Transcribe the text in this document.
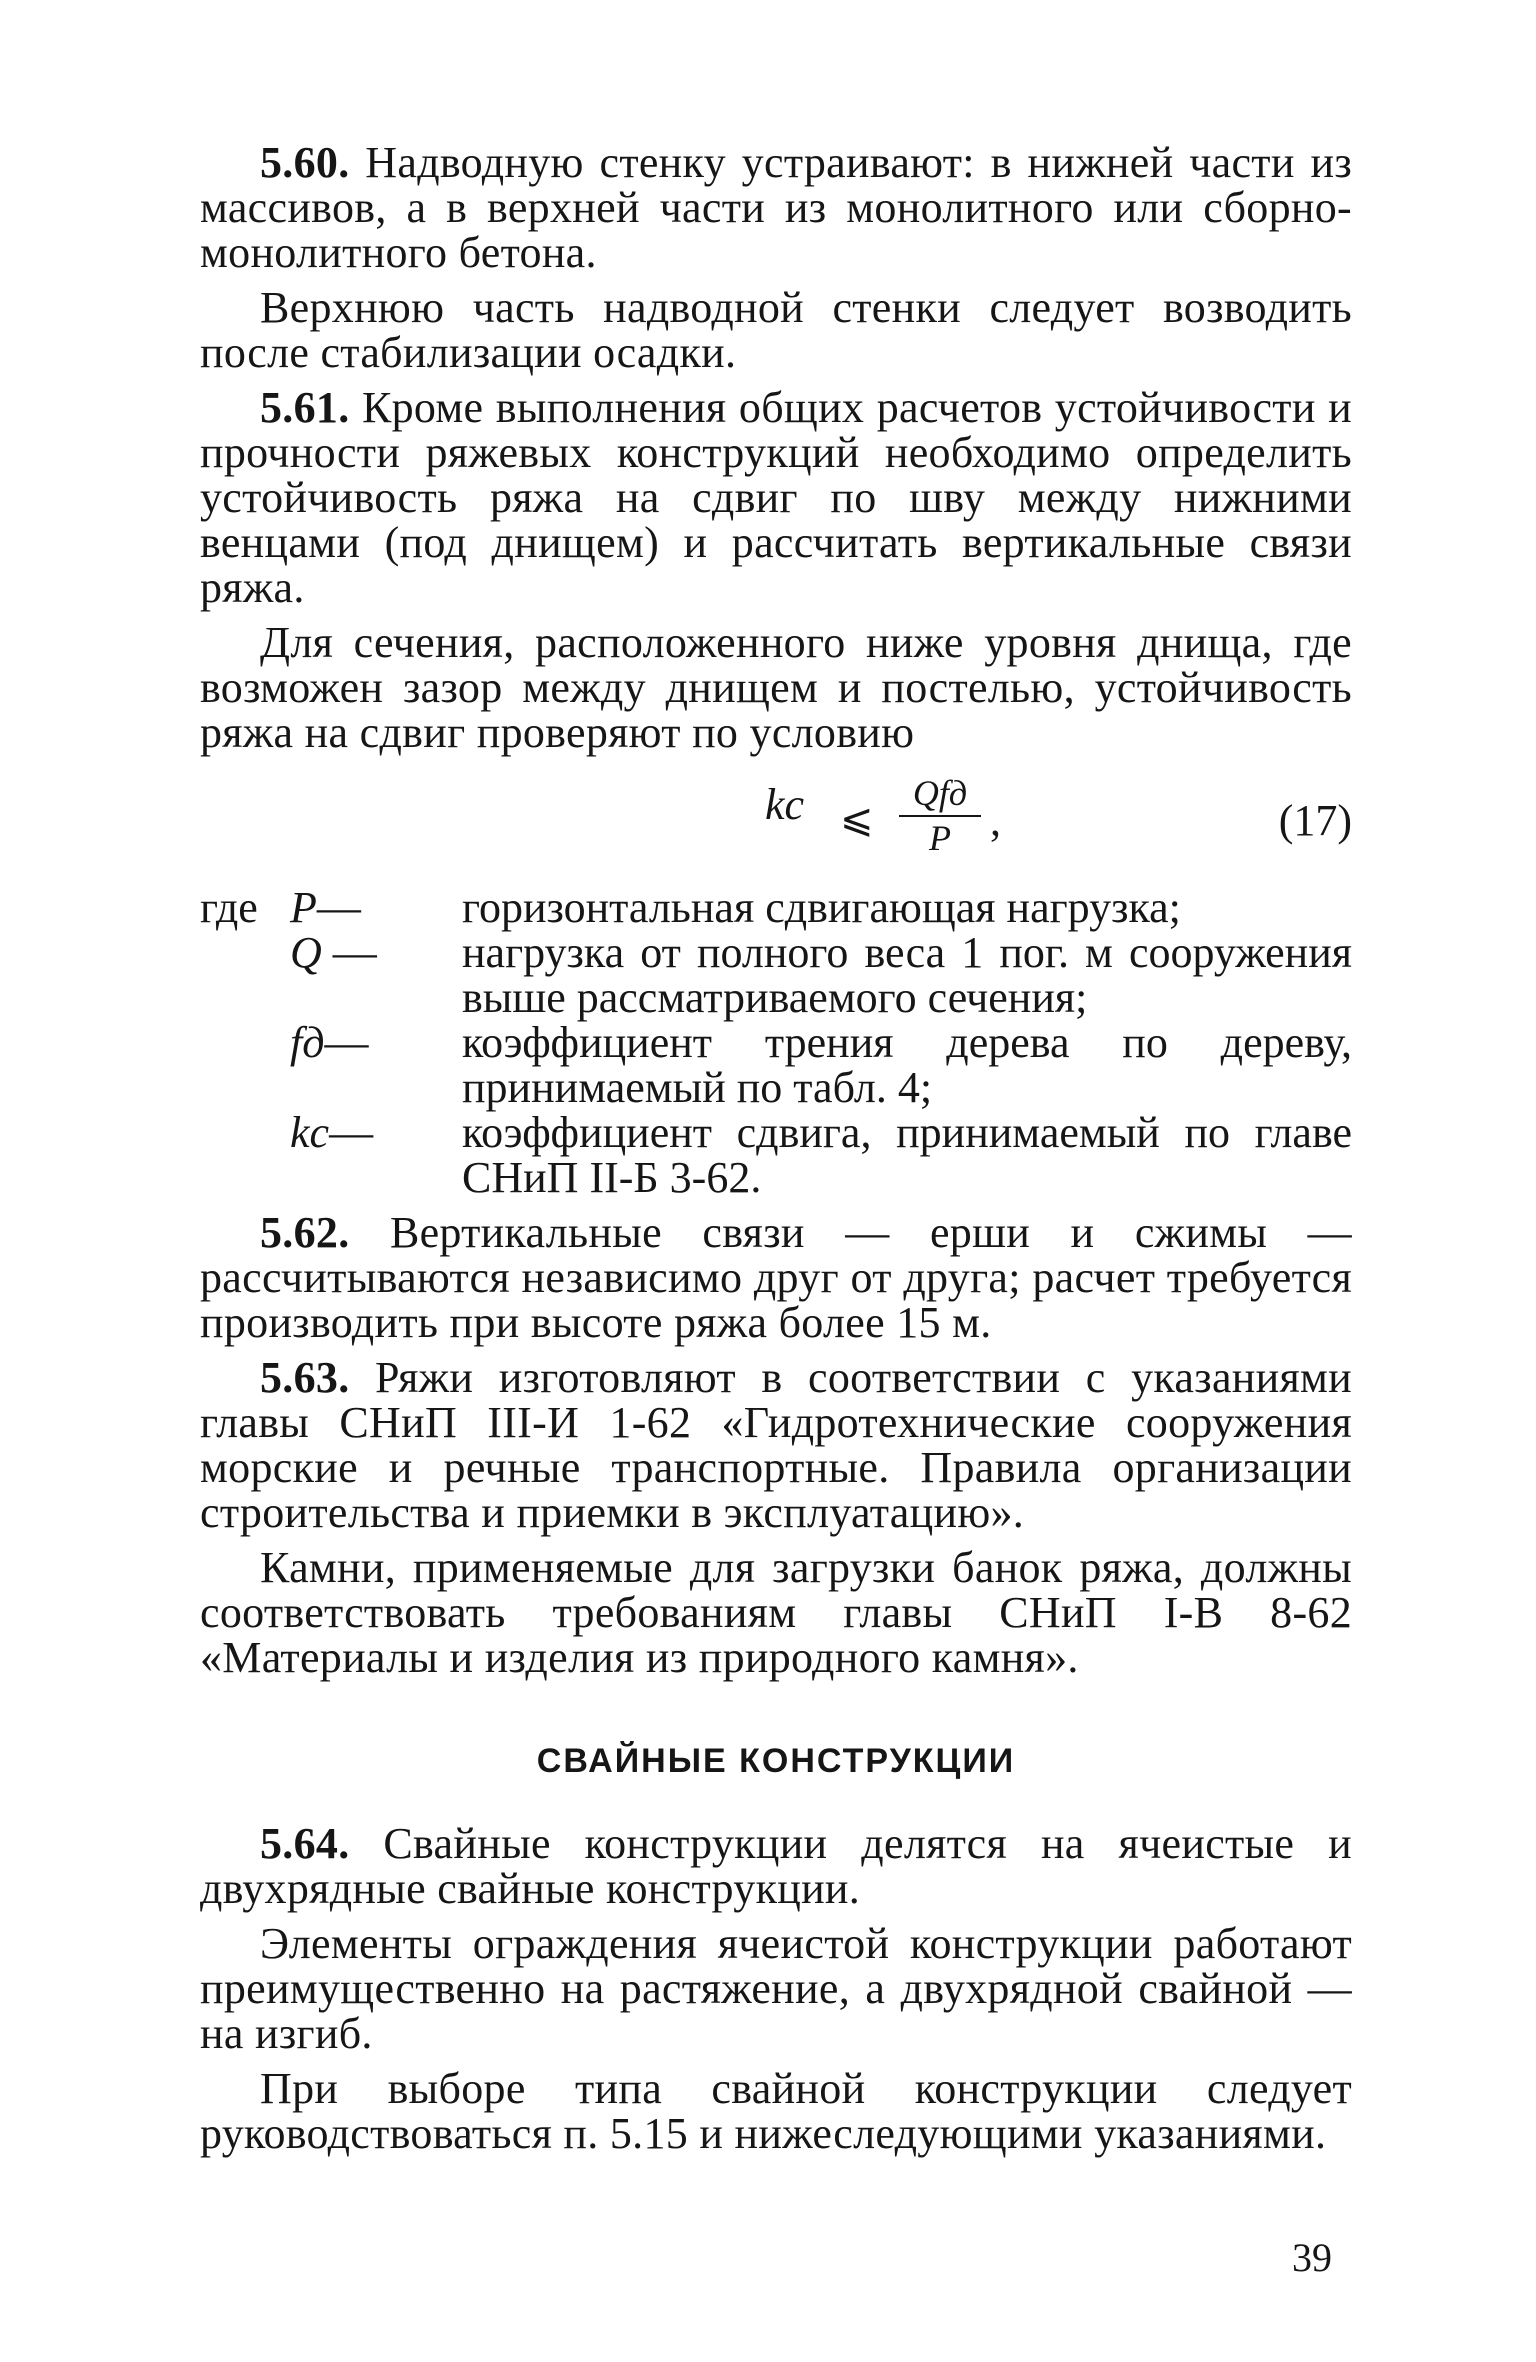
5.60. Надводную стенку устраивают: в нижней части из массивов, а в верхней части из монолитного или сборно-монолитного бетона.

Верхнюю часть надводной стенки следует возводить после стабилизации осадки.

5.61. Кроме выполнения общих расчетов устойчивости и прочности ряжевых конструкций необходимо определить устойчивость ряжа на сдвиг по шву между нижними венцами (под днищем) и рассчитать вертикальные связи ряжа.

Для сечения, расположенного ниже уровня днища, где возможен зазор между днищем и постелью, устойчивость ряжа на сдвиг проверяют по условию

kс ⩽
Qfд
P ,	(17)
где P—	горизонтальная сдвигающая нагрузка;
Q —	нагрузка от полного веса 1 пог. м сооружения выше рассматриваемого сечения;
fд—	коэффициент трения дерева по дереву, принимаемый по табл. 4;
kс—	коэффициент сдвига, принимаемый по главе СНиП II-Б 3-62.

5.62. Вертикальные связи — ерши и сжимы — рассчитываются независимо друг от друга; расчет требуется производить при высоте ряжа более 15 м.

5.63. Ряжи изготовляют в соответствии с указаниями главы СНиП III-И 1-62 «Гидротехнические сооружения морские и речные транспортные. Правила организации строительства и приемки в эксплуатацию».

Камни, применяемые для загрузки банок ряжа, должны соответствовать требованиям главы СНиП I-B 8-62 «Материалы и изделия из природного камня».

СВАЙНЫЕ КОНСТРУКЦИИ

5.64. Свайные конструкции делятся на ячеистые и двухрядные свайные конструкции.

Элементы ограждения ячеистой конструкции работают преимущественно на растяжение, а двухрядной свайной — на изгиб.

При выборе типа свайной конструкции следует руководствоваться п. 5.15 и нижеследующими указаниями.

39
